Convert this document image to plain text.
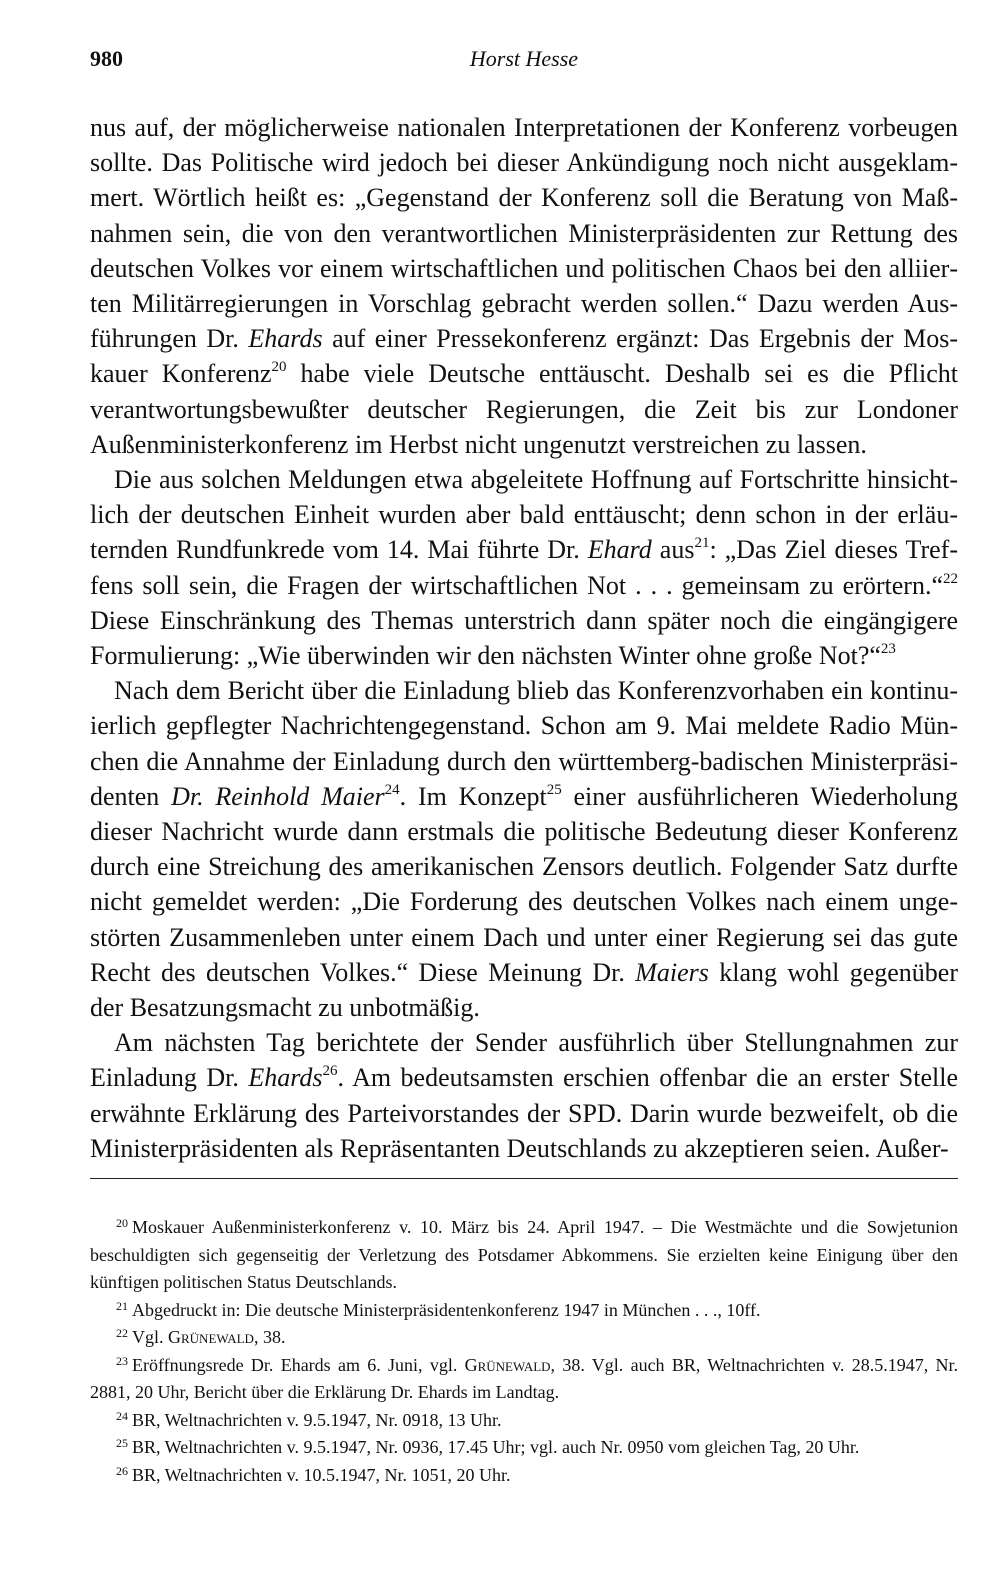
980	Horst Hesse

nus auf, der möglicherweise nationalen Interpretationen der Konferenz vorbeugen sollte. Das Politische wird jedoch bei dieser Ankündigung noch nicht ausgeklammert. Wörtlich heißt es: „Gegenstand der Konferenz soll die Beratung von Maßnahmen sein, die von den verantwortlichen Ministerpräsidenten zur Rettung des deutschen Volkes vor einem wirtschaftlichen und politischen Chaos bei den alliierten Militärregierungen in Vorschlag gebracht werden sollen.“ Dazu werden Ausführungen Dr. Ehards auf einer Pressekonferenz ergänzt: Das Ergebnis der Moskauer Konferenz$^{20}$ habe viele Deutsche enttäuscht. Deshalb sei es die Pflicht verantwortungsbewußter deutscher Regierungen, die Zeit bis zur Londoner Außenministerkonferenz im Herbst nicht ungenutzt verstreichen zu lassen.

Die aus solchen Meldungen etwa abgeleitete Hoffnung auf Fortschritte hinsichtlich der deutschen Einheit wurden aber bald enttäuscht; denn schon in der erläuternden Rundfunkrede vom 14. Mai führte Dr. Ehard aus$^{21}$: „Das Ziel dieses Treffens soll sein, die Fragen der wirtschaftlichen Not . . . gemeinsam zu erörtern.“$^{22}$ Diese Einschränkung des Themas unterstrich dann später noch die eingängigere Formulierung: „Wie überwinden wir den nächsten Winter ohne große Not?“$^{23}$

Nach dem Bericht über die Einladung blieb das Konferenzvorhaben ein kontinuierlich gepflegter Nachrichtengegenstand. Schon am 9. Mai meldete Radio München die Annahme der Einladung durch den württemberg-badischen Ministerpräsidenten Dr. Reinhold Maier$^{24}$. Im Konzept$^{25}$ einer ausführlicheren Wiederholung dieser Nachricht wurde dann erstmals die politische Bedeutung dieser Konferenz durch eine Streichung des amerikanischen Zensors deutlich. Folgender Satz durfte nicht gemeldet werden: „Die Forderung des deutschen Volkes nach einem ungestörten Zusammenleben unter einem Dach und unter einer Regierung sei das gute Recht des deutschen Volkes.“ Diese Meinung Dr. Maiers klang wohl gegenüber der Besatzungsmacht zu unbotmäßig.

Am nächsten Tag berichtete der Sender ausführlich über Stellungnahmen zur Einladung Dr. Ehards$^{26}$. Am bedeutsamsten erschien offenbar die an erster Stelle erwähnte Erklärung des Parteivorstandes der SPD. Darin wurde bezweifelt, ob die Ministerpräsidenten als Repräsentanten Deutschlands zu akzeptieren seien. Außer-

$^{20}$ Moskauer Außenministerkonferenz v. 10. März bis 24. April 1947. – Die Westmächte und die Sowjetunion beschuldigten sich gegenseitig der Verletzung des Potsdamer Abkommens. Sie erzielten keine Einigung über den künftigen politischen Status Deutschlands.

$^{21}$ Abgedruckt in: Die deutsche Ministerpräsidentenkonferenz 1947 in München . . ., 10ff.

$^{22}$ Vgl. Grünewald, 38.

$^{23}$ Eröffnungsrede Dr. Ehards am 6. Juni, vgl. Grünewald, 38. Vgl. auch BR, Weltnachrichten v. 28.5.1947, Nr. 2881, 20 Uhr, Bericht über die Erklärung Dr. Ehards im Landtag.

$^{24}$ BR, Weltnachrichten v. 9.5.1947, Nr. 0918, 13 Uhr.

$^{25}$ BR, Weltnachrichten v. 9.5.1947, Nr. 0936, 17.45 Uhr; vgl. auch Nr. 0950 vom gleichen Tag, 20 Uhr.

$^{26}$ BR, Weltnachrichten v. 10.5.1947, Nr. 1051, 20 Uhr.
